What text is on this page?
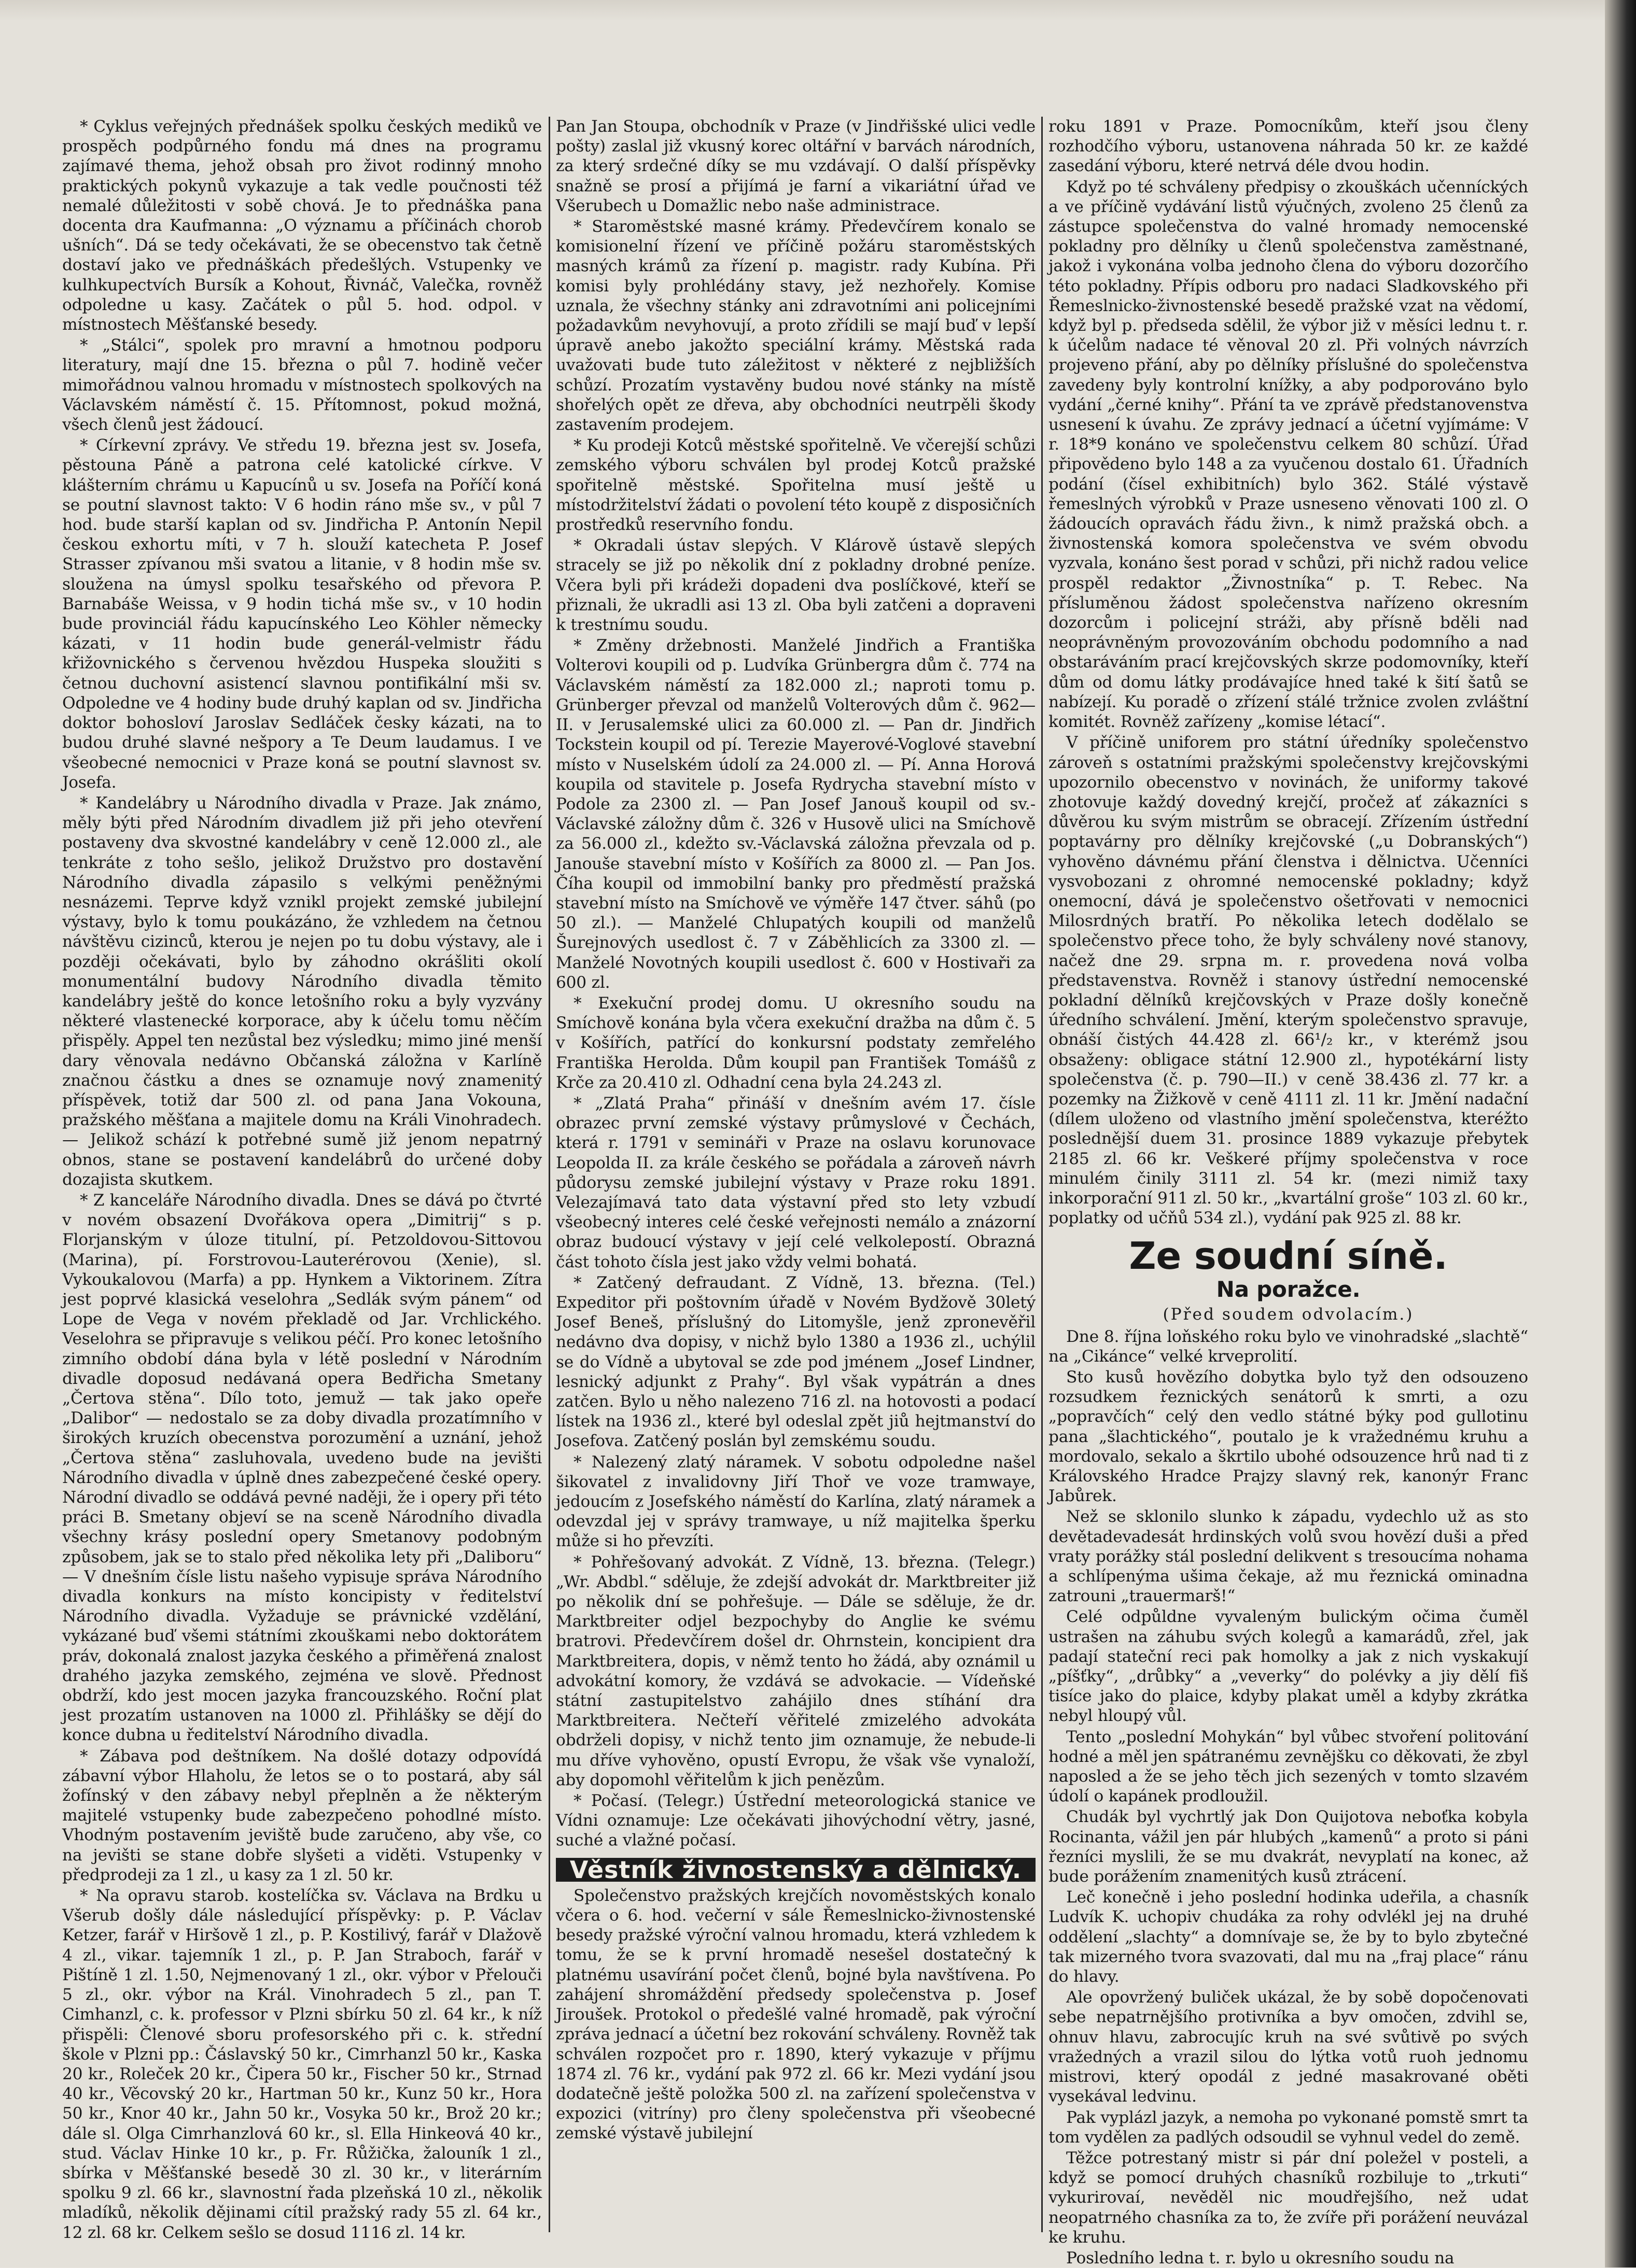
* Cyklus veřejných přednášek spolku českých mediků ve prospěch podpůrného fondu má dnes na programu zajímavé thema, jehož obsah pro život rodinný mnoho praktických pokynů vykazuje a tak vedle poučnosti též nemalé důležitosti v sobě chová. Je to přednáška pana docenta dra Kaufmanna: „O významu a příčinách chorob ušních“. Dá se tedy očekávati, že se obecenstvo tak četně dostaví jako ve přednáškách předešlých. Vstupenky ve kulhkupectvích Bursík a Kohout, Řivnáč, Valečka, rovněž odpoledne u kasy. Začátek o půl 5. hod. odpol. v místnostech Měšťanské besedy.

* „Stálci“, spolek pro mravní a hmotnou podporu literatury, mají dne 15. března o půl 7. hodině večer mimořádnou valnou hromadu v místnostech spolkových na Václavském náměstí č. 15. Přítomnost, pokud možná, všech členů jest žádoucí.

* Církevní zprávy. Ve středu 19. března jest sv. Josefa, pěstouna Páně a patrona celé katolické církve. V klášterním chrámu u Kapucínů u sv. Josefa na Poříčí koná se poutní slavnost takto: V 6 hodin ráno mše sv., v půl 7 hod. bude starší kaplan od sv. Jindřicha P. Antonín Nepil českou exhortu míti, v 7 h. slouží katecheta P. Josef Strasser zpívanou mši svatou a litanie, v 8 hodin mše sv. sloužena na úmysl spolku tesařského od převora P. Barnabáše Weissa, v 9 hodin tichá mše sv., v 10 hodin bude provinciál řádu kapucínského Leo Köhler německy kázati, v 11 hodin bude generál-velmistr řádu křižovnického s červenou hvězdou Huspeka sloužiti s četnou duchovní asistencí slavnou pontifikální mši sv. Odpoledne ve 4 hodiny bude druhý kaplan od sv. Jindřicha doktor bohosloví Jaroslav Sedláček česky kázati, na to budou druhé slavné nešpory a Te Deum laudamus. I ve všeobecné nemocnici v Praze koná se poutní slavnost sv. Josefa.

* Kandelábry u Národního divadla v Praze. Jak známo, měly býti před Národním divadlem již při jeho otevření postaveny dva skvostné kandelábry v ceně 12.000 zl., ale tenkráte z toho sešlo, jelikož Družstvo pro dostavění Národního divadla zápasilo s velkými peněžnými nesnázemi. Teprve když vznikl projekt zemské jubilejní výstavy, bylo k tomu poukázáno, že vzhledem na četnou návštěvu cizinců, kterou je nejen po tu dobu výstavy, ale i později očekávati, bylo by záhodno okrášliti okolí monumentální budovy Národního divadla těmito kandelábry ještě do konce letošního roku a byly vyzvány některé vlastenecké korporace, aby k účelu tomu něčím přispěly. Appel ten nezůstal bez výsledku; mimo jiné menší dary věnovala nedávno Občanská záložna v Karlíně značnou částku a dnes se oznamuje nový znamenitý příspěvek, totiž dar 500 zl. od pana Jana Vokouna, pražského měšťana a majitele domu na Králi Vinohradech. — Jelikož schází k potřebné sumě již jenom nepatrný obnos, stane se postavení kandelábrů do určené doby dozajista skutkem.

* Z kanceláře Národního divadla. Dnes se dává po čtvrté v novém obsazení Dvořákova opera „Dimitrij“ s p. Florjanským v úloze titulní, pí. Petzoldovou-Sittovou (Marina), pí. Forstrovou-Lauterérovou (Xenie), sl. Vykoukalovou (Marfa) a pp. Hynkem a Viktorinem. Zítra jest poprvé klasická veselohra „Sedlák svým pánem“ od Lope de Vega v novém překladě od Jar. Vrchlického. Veselohra se připravuje s velikou péčí. Pro konec letošního zimního období dána byla v létě poslední v Národním divadle doposud nedávaná opera Bedřicha Smetany „Čertova stěna“. Dílo toto, jemuž — tak jako opeře „Dalibor“ — nedostalo se za doby divadla prozatímního v širokých kruzích obecenstva porozumění a uznání, jehož „Čertova stěna“ zasluhovala, uvedeno bude na jevišti Národního divadla v úplně dnes zabezpečené české opery. Národní divadlo se oddává pevné naději, že i opery při této práci B. Smetany objeví se na sceně Národního divadla všechny krásy poslední opery Smetanovy podobným způsobem, jak se to stalo před několika lety při „Daliboru“ — V dnešním čísle listu našeho vypisuje správa Národního divadla konkurs na místo koncipisty v ředitelství Národního divadla. Vyžaduje se právnické vzdělání, vykázané buď všemi státními zkouškami nebo doktorátem práv, dokonalá znalost jazyka českého a přiměřená znalost drahého jazyka zemského, zejména ve slově. Přednost obdrží, kdo jest mocen jazyka francouzského. Roční plat jest prozatím ustanoven na 1000 zl. Přihlášky se dějí do konce dubna u ředitelství Národního divadla.

* Zábava pod deštníkem. Na došlé dotazy odpovídá zábavní výbor Hlaholu, že letos se o to postará, aby sál žofínský v den zábavy nebyl přeplněn a že některým majitelé vstupenky bude zabezpečeno pohodlné místo. Vhodným postavením jeviště bude zaručeno, aby vše, co na jevišti se stane dobře slyšeti a viděti. Vstupenky v předprodeji za 1 zl., u kasy za 1 zl. 50 kr.

* Na opravu starob. kostelíčka sv. Václava na Brdku u Všerub došly dále následující příspěvky: p. P. Václav Ketzer, farář v Hiršově 1 zl., p. P. Kostilivý, farář v Dlažově 4 zl., vikar. tajemník 1 zl., p. P. Jan Straboch, farář v Pištíně 1 zl. 1.50, Nejmenovaný 1 zl., okr. výbor v Přelouči 5 zl., okr. výbor na Král. Vinohradech 5 zl., pan T. Cimhanzl, c. k. professor v Plzni sbírku 50 zl. 64 kr., k níž přispěli: Členové sboru profesorského při c. k. střední škole v Plzni pp.: Čáslavský 50 kr., Cimrhanzl 50 kr., Kaska 20 kr., Roleček 20 kr., Čipera 50 kr., Fischer 50 kr., Strnad 40 kr., Věcovský 20 kr., Hartman 50 kr., Kunz 50 kr., Hora 50 kr., Knor 40 kr., Jahn 50 kr., Vosyka 50 kr., Brož 20 kr.; dále sl. Olga Cimrhanzlová 60 kr., sl. Ella Hinkeová 40 kr., stud. Václav Hinke 10 kr., p. Fr. Růžička, žalouník 1 zl., sbírka v Měšťanské besedě 30 zl. 30 kr., v literárním spolku 9 zl. 66 kr., slavnostní řada plzeňská 10 zl., několik mladíků, několik dějinami cítil pražský rady 55 zl. 64 kr., 12 zl. 68 kr. Celkem sešlo se dosud 1116 zl. 14 kr.

Pan Jan Stoupa, obchodník v Praze (v Jindřišské ulici vedle pošty) zaslal již vkusný korec oltářní v barvách národních, za který srdečné díky se mu vzdávají. O další příspěvky snažně se prosí a přijímá je farní a vikariátní úřad ve Všerubech u Domažlic nebo naše administrace.

* Staroměstské masné krámy. Předevčírem konalo se komisionelní řízení ve příčině požáru staroměstských masných krámů za řízení p. magistr. rady Kubína. Při komisi byly prohlédány stavy, jež nezhořely. Komise uznala, že všechny stánky ani zdravotními ani policejními požadavkům nevyhovují, a proto zřídili se mají buď v lepší úpravě anebo jakožto speciální krámy. Městská rada uvažovati bude tuto záležitost v některé z nejbližších schůzí. Prozatím vystavěny budou nové stánky na místě shořelých opět ze dřeva, aby obchodníci neutrpěli škody zastavením prodejem.

* Ku prodeji Kotců městské spořitelně. Ve včerejší schůzi zemského výboru schválen byl prodej Kotců pražské spořitelně městské. Spořitelna musí ještě u místodržitelství žádati o povolení této koupě z disposičních prostředků reservního fondu.

* Okradali ústav slepých. V Klárově ústavě slepých stracely se již po několik dní z pokladny drobné peníze. Včera byli při krádeži dopadeni dva poslíčkové, kteří se přiznali, že ukradli asi 13 zl. Oba byli zatčeni a dopraveni k trestnímu soudu.

* Změny držebnosti. Manželé Jindřich a Františka Volterovi koupili od p. Ludvíka Grünbergra dům č. 774 na Václavském náměstí za 182.000 zl.; naproti tomu p. Grünberger převzal od manželů Volterových dům č. 962—II. v Jerusalemské ulici za 60.000 zl. — Pan dr. Jindřich Tockstein koupil od pí. Terezie Mayerové-Voglové stavební místo v Nuselském údolí za 24.000 zl. — Pí. Anna Horová koupila od stavitele p. Josefa Rydrycha stavební místo v Podole za 2300 zl. — Pan Josef Janouš koupil od sv.-Václavské záložny dům č. 326 v Husově ulici na Smíchově za 56.000 zl., kdežto sv.-Václavská záložna převzala od p. Janouše stavební místo v Košířích za 8000 zl. — Pan Jos. Číha koupil od immobilní banky pro předměstí pražská stavební místo na Smíchově ve výměře 147 čtver. sáhů (po 50 zl.). — Manželé Chlupatých koupili od manželů Šurejnových usedlost č. 7 v Záběhlicích za 3300 zl. — Manželé Novotných koupili usedlost č. 600 v Hostivaři za 600 zl.

* Exekuční prodej domu. U okresního soudu na Smíchově konána byla včera exekuční dražba na dům č. 5 v Košířích, patřící do konkursní podstaty zemřelého Františka Herolda. Dům koupil pan František Tomášů z Krče za 20.410 zl. Odhadní cena byla 24.243 zl.

* „Zlatá Praha“ přináší v dnešním avém 17. čísle obrazec první zemské výstavy průmyslové v Čechách, která r. 1791 v semináři v Praze na oslavu korunovace Leopolda II. za krále českého se pořádala a zároveň návrh půdorysu zemské jubilejní výstavy v Praze roku 1891. Velezajímavá tato data výstavní před sto lety vzbudí všeobecný interes celé české veřejnosti nemálo a znázorní obraz budoucí výstavy v její celé velkolepostí. Obrazná část tohoto čísla jest jako vždy velmi bohatá.

* Zatčený defraudant. Z Vídně, 13. března. (Tel.) Expeditor při poštovním úřadě v Novém Bydžově 30letý Josef Beneš, příslušný do Litomyšle, jenž zpronevěřil nedávno dva dopisy, v nichž bylo 1380 a 1936 zl., uchýlil se do Vídně a ubytoval se zde pod jménem „Josef Lindner, lesnický adjunkt z Prahy“. Byl však vypátrán a dnes zatčen. Bylo u něho nalezeno 716 zl. na hotovosti a podací lístek na 1936 zl., které byl odeslal zpět jiů hejtmanství do Josefova. Zatčený poslán byl zemskému soudu.

* Nalezený zlatý náramek. V sobotu odpoledne našel šikovatel z invalidovny Jiří Thoř ve voze tramwaye, jedoucím z Josefského náměstí do Karlína, zlatý náramek a odevzdal jej v správy tramwaye, u níž majitelka šperku může si ho převzíti.

* Pohřešovaný advokát. Z Vídně, 13. března. (Telegr.) „Wr. Abdbl.“ sděluje, že zdejší advokát dr. Marktbreiter již po několik dní se pohřešuje. — Dále se sděluje, že dr. Marktbreiter odjel bezpochyby do Anglie ke svému bratrovi. Předevčírem došel dr. Ohrnstein, koncipient dra Marktbreitera, dopis, v němž tento ho žádá, aby oznámil u advokátní komory, že vzdává se advokacie. — Vídeňské státní zastupitelstvo zahájilo dnes stíhání dra Marktbreitera. Nečteří věřitelé zmizelého advokáta obdrželi dopisy, v nichž tento jim oznamuje, že nebude-li mu dříve vyhověno, opustí Evropu, že však vše vynaloží, aby dopomohl věřitelům k jich penězům.

* Počasí. (Telegr.) Ústřední meteorologická stanice ve Vídni oznamuje: Lze očekávati jihovýchodní větry, jasné, suché a vlažné počasí.

Věstník živnostenský a dělnický.

Společenstvo pražských krejčích novoměstských konalo včera o 6. hod. večerní v sále Řemeslnicko-živnostenské besedy pražské výroční valnou hromadu, která vzhledem k tomu, že se k první hromadě nesešel dostatečný k platnému usavírání počet členů, bojné byla navštívena. Po zahájení shromáždění předsedy společenstva p. Josef Jiroušek. Protokol o předešlé valné hromadě, pak výroční zpráva jednací a účetní bez rokování schváleny. Rovněž tak schválen rozpočet pro r. 1890, který vykazuje v příjmu 1874 zl. 76 kr., vydání pak 972 zl. 66 kr. Mezi vydání jsou dodatečně ještě položka 500 zl. na zařízení společenstva v expozici (vitríny) pro členy společenstva při všeobecné zemské výstavě jubilejní

roku 1891 v Praze. Pomocníkům, kteří jsou členy rozhodčího výboru, ustanovena náhrada 50 kr. ze každé zasedání výboru, které netrvá déle dvou hodin.

Když po té schváleny předpisy o zkouškách učenníckých a ve příčině vydávání listů výučných, zvoleno 25 členů za zástupce společenstva do valné hromady nemocenské pokladny pro dělníky u členů společenstva zaměstnané, jakož i vykonána volba jednoho člena do výboru dozorčího této pokladny. Přípis odboru pro nadaci Sladkovského při Řemeslnicko-živnostenské besedě pražské vzat na vědomí, když byl p. předseda sdělil, že výbor již v měsíci lednu t. r. k účelům nadace té věnoval 20 zl. Při volných návrzích projeveno přání, aby po dělníky příslušné do společenstva zavedeny byly kontrolní knížky, a aby podporováno bylo vydání „černé knihy“. Přání ta ve zprávě předstanovenstva usnesení k úvahu. Ze zprávy jednací a účetní vyjímáme: V r. 18*9 konáno ve společenstvu celkem 80 schůzí. Úřad připovědeno bylo 148 a za vyučenou dostalo 61. Úřadních podání (čísel exhibitních) bylo 362. Stálé výstavě řemeslných výrobků v Praze usneseno věnovati 100 zl. O žádoucích opravách řádu živn., k nimž pražská obch. a živnostenská komora společenstva ve svém obvodu vyzvala, konáno šest porad v schůzi, při nichž radou velice prospěl redaktor „Živnostníka“ p. T. Rebec. Na přísluměnou žádost společenstva nařízeno okresním dozorcům i policejní stráži, aby přísně bděli nad neoprávněným provozováním obchodu podomního a nad obstaráváním prací krejčovských skrze podomovníky, kteří dům od domu látky prodávajíce hned také k šití šatů se nabízejí. Ku poradě o zřízení stálé tržnice zvolen zvláštní komitét. Rovněž zařízeny „komise létací“.

V příčině uniforem pro státní úředníky společenstvo zároveň s ostatními pražskými společenstvy krejčovskými upozornilo obecenstvo v novinách, že uniformy takové zhotovuje každý dovedný krejčí, pročež ať zákazníci s důvěrou ku svým mistrům se obracejí. Zřízením ústřední poptavárny pro dělníky krejčovské („u Dobranských“) vyhověno dávnému přání členstva i dělnictva. Učenníci vysvobozani z ohromné nemocenské pokladny; když onemocní, dává je společenstvo ošetřovati v nemocnici Milosrdných bratří. Po několika letech dodělalo se společenstvo přece toho, že byly schváleny nové stanovy, načež dne 29. srpna m. r. provedena nová volba představenstva. Rovněž i stanovy ústřední nemocenské pokladní dělníků krejčovských v Praze došly konečně úředního schválení. Jmění, kterým společenstvo spravuje, obnáší čistých 44.428 zl. 66¹/₂ kr., v kterémž jsou obsaženy: obligace státní 12.900 zl., hypotékární listy společenstva (č. p. 790—II.) v ceně 38.436 zl. 77 kr. a pozemky na Žižkově v ceně 4111 zl. 11 kr. Jmění nadační (dílem uloženo od vlastního jmění společenstva, kteréžto poslednější duem 31. prosince 1889 vykazuje přebytek 2185 zl. 66 kr. Veškeré příjmy společenstva v roce minulém činily 3111 zl. 54 kr. (mezi nimiž taxy inkorporační 911 zl. 50 kr., „kvartální groše“ 103 zl. 60 kr., poplatky od učňů 534 zl.), vydání pak 925 zl. 88 kr.

Ze soudní síně.
Na poražce.
(Před soudem odvolacím.)

Dne 8. října loňského roku bylo ve vinohradské „slachtě“ na „Cikánce“ velké krveprolití.

Sto kusů hovězího dobytka bylo tyž den odsouzeno rozsudkem řeznických senátorů k smrti, a ozu „popravčích“ celý den vedlo státné býky pod gullotinu pana „šlachtického“, poutalo je k vražednému kruhu a mordovalo, sekalo a škrtilo ubohé odsouzence hrů nad ti z Královského Hradce Prajzy slavný rek, kanonýr Franc Jabůrek.

Než se sklonilo slunko k západu, vydechlo už as sto devětadevadesát hrdinských volů svou hovězí duši a před vraty porážky stál poslední delikvent s tresoucíma nohama a schlípenýma ušima čekaje, až mu řeznická ominadna zatrouni „trauermarš!“

Celé odpůldne vyvaleným bulickým očima čuměl ustrašen na záhubu svých kolegů a kamarádů, zřel, jak padají stateční reci pak homolky a jak z nich vyskakují „píšťky“, „drůbky“ a „veverky“ do polévky a jiy dělí fiš tisíce jako do plaice, kdyby plakat uměl a kdyby zkrátka nebyl hloupý vůl.

Tento „poslední Mohykán“ byl vůbec stvoření politování hodné a měl jen spátranému zevnějšku co děkovati, že zbyl naposled a že se jeho těch jich sezených v tomto slzavém údolí o kapánek prodloužil.

Chudák byl vychrtlý jak Don Quijotova neboťka kobyla Rocinanta, vážil jen pár hlubých „kamenů“ a proto si páni řezníci myslili, že se mu dvakrát, nevyplatí na konec, až bude porážením znamenitých kusů ztrácení.

Leč konečně i jeho poslední hodinka udeřila, a chasník Ludvík K. uchopiv chudáka za rohy odvlékl jej na druhé oddělení „slachty“ a domnívaje se, že by to bylo zbytečné tak mizerného tvora svazovati, dal mu na „fraj place“ ránu do hlavy.

Ale opovržený buliček ukázal, že by sobě dopočenovati sebe nepatrnějšího protivníka a byv omočen, zdvihl se, ohnuv hlavu, zabrocujíc kruh na své svůtivě po svých vražedných a vrazil silou do lýtka votů ruoh jednomu mistrovi, který opodál z jedné masakrované oběti vysekával ledvinu.

Pak vyplázl jazyk, a nemoha po vykonané pomstě smrt ta tom vydělen za padlých odsoudil se vyhnul vedel do země.

Těžce potrestaný mistr si pár dní poležel v posteli, a když se pomocí druhých chasníků rozbiluje to „trkuti“ vykurirovaí, nevěděl nic moudřejšího, než udat neopatrného chasníka za to, že zvíře při porážení neuvázal ke kruhu.

Posledního ledna t. r. bylo u okresního soudu na
